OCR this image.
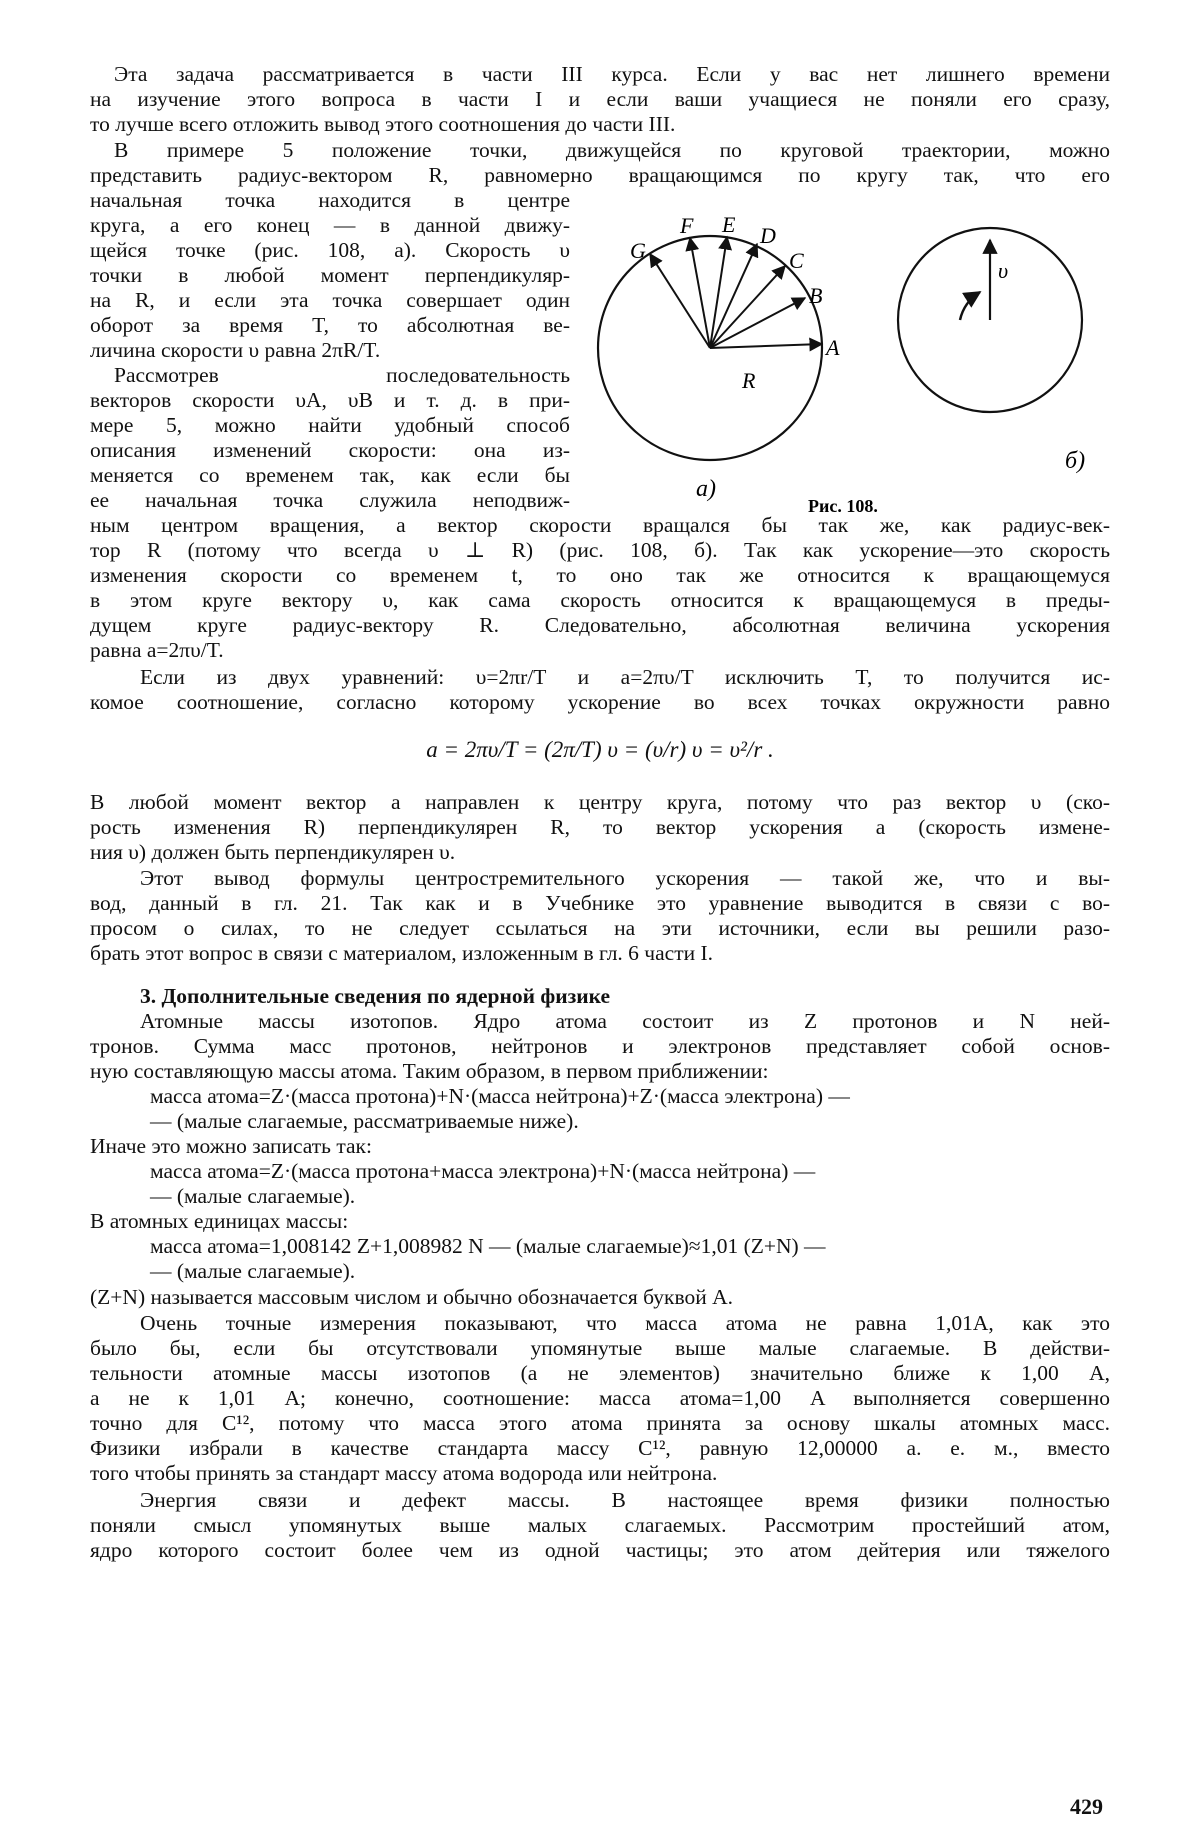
Эта задача рассматривается в части III курса. Если у вас нет лишнего времени
на изучение этого вопроса в части I и если ваши учащиеся не поняли его сразу,
то лучше всего отложить вывод этого соотношения до части III.
В примере 5 положение точки, движущейся по круговой траектории, можно
представить радиус-вектором R, равномерно вращающимся по кругу так, что его
начальная точка находится в центре
круга, а его конец — в данной движу-
щейся точке (рис. 108, а). Скорость υ
точки в любой момент перпендикуляр-
на R, и если эта точка совершает один
оборот за время T, то абсолютная ве-
личина скорости υ равна 2πR/T.
Рассмотрев последовательность
векторов скорости υA, υB и т. д. в при-
мере 5, можно найти удобный способ
описания изменений скорости: она из-
меняется со временем так, как если бы
ее начальная точка служила неподвиж-
ным центром вращения, а вектор скорости вращался бы так же, как радиус-век-
тор R (потому что всегда υ ⊥ R) (рис. 108, б). Так как ускорение—это скорость
изменения скорости со временем t, то оно так же относится к вращающемуся
в этом круге вектору υ, как сама скорость относится к вращающемуся в преды-
дущем круге радиус-вектору R. Следовательно, абсолютная величина ускорения
равна a=2πυ/T.
Если из двух уравнений: υ=2πr/T и a=2πυ/T исключить T, то получится ис-
комое соотношение, согласно которому ускорение во всех точках окружности равно
a = 2πυ/T = (2π/T) υ = (υ/r) υ = υ²/r .
В любой момент вектор a направлен к центру круга, потому что раз вектор υ (ско-
рость изменения R) перпендикулярен R, то вектор ускорения a (скорость измене-
ния υ) должен быть перпендикулярен υ.
Этот вывод формулы центростремительного ускорения — такой же, что и вы-
вод, данный в гл. 21. Так как и в Учебнике это уравнение выводится в связи с во-
просом о силах, то не следует ссылаться на эти источники, если вы решили разо-
брать этот вопрос в связи с материалом, изложенным в гл. 6 части I.
3. Дополнительные сведения по ядерной физике
Атомные массы изотопов. Ядро атома состоит из Z протонов и N ней-
тронов. Сумма масс протонов, нейтронов и электронов представляет собой основ-
ную составляющую массы атома. Таким образом, в первом приближении:
масса атома=Z·(масса протона)+N·(масса нейтрона)+Z·(масса электрона) —
— (малые слагаемые, рассматриваемые ниже).
Иначе это можно записать так:
масса атома=Z·(масса протона+масса электрона)+N·(масса нейтрона) —
— (малые слагаемые).
В атомных единицах массы:
масса атома=1,008142 Z+1,008982 N — (малые слагаемые)≈1,01 (Z+N) —
— (малые слагаемые).
(Z+N) называется массовым числом и обычно обозначается буквой A.
Очень точные измерения показывают, что масса атома не равна 1,01A, как это
было бы, если бы отсутствовали упомянутые выше малые слагаемые. В действи-
тельности атомные массы изотопов (а не элементов) значительно ближе к 1,00 A,
а не к 1,01 A; конечно, соотношение: масса атома=1,00 A выполняется совершенно
точно для C¹², потому что масса этого атома принята за основу шкалы атомных масс.
Физики избрали в качестве стандарта массу C¹², равную 12,00000 а. е. м., вместо
того чтобы принять за стандарт массу атома водорода или нейтрона.
Энергия связи и дефект массы. В настоящее время физики полностью
поняли смысл упомянутых выше малых слагаемых. Рассмотрим простейший атом,
ядро которого состоит более чем из одной частицы; это атом дейтерия или тяжелого
A
B
C
D
E
F
G
R
а)
υ
б)
Рис. 108.
429
